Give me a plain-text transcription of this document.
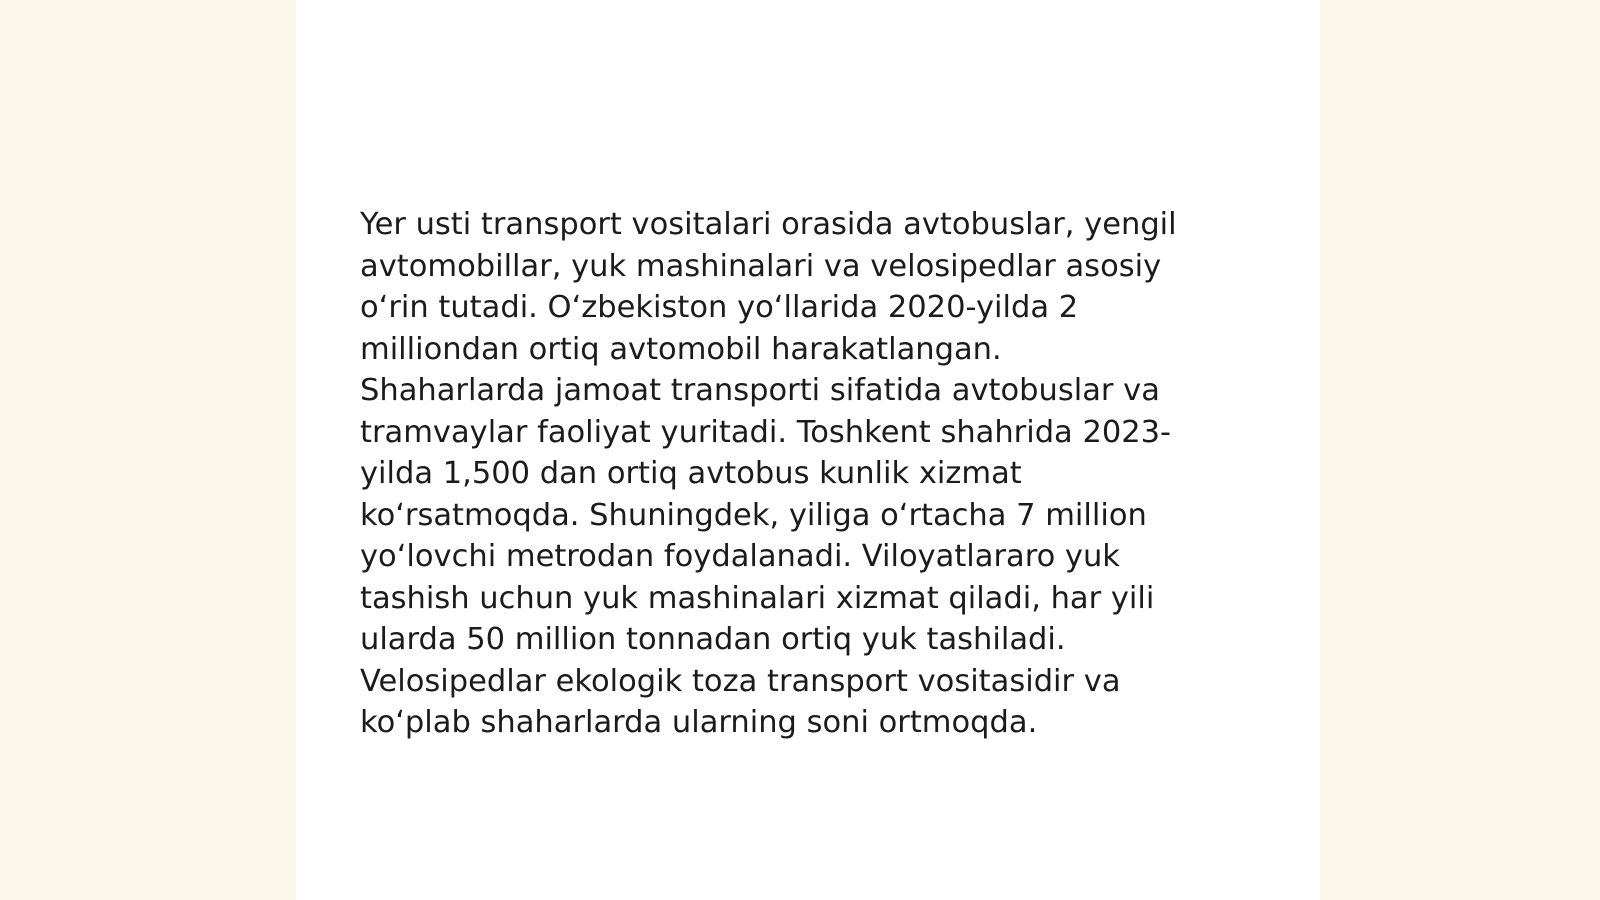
Yer usti transport vositalari orasida avtobuslar, yengil
avtomobillar, yuk mashinalari va velosipedlar asosiy
o‘rin tutadi. O‘zbekiston yo‘llarida 2020-yilda 2
milliondan ortiq avtomobil harakatlangan.
Shaharlarda jamoat transporti sifatida avtobuslar va
tramvaylar faoliyat yuritadi. Toshkent shahrida 2023-
yilda 1,500 dan ortiq avtobus kunlik xizmat
ko‘rsatmoqda. Shuningdek, yiliga o‘rtacha 7 million
yo‘lovchi metrodan foydalanadi. Viloyatlararo yuk
tashish uchun yuk mashinalari xizmat qiladi, har yili
ularda 50 million tonnadan ortiq yuk tashiladi.
Velosipedlar ekologik toza transport vositasidir va
ko‘plab shaharlarda ularning soni ortmoqda.
